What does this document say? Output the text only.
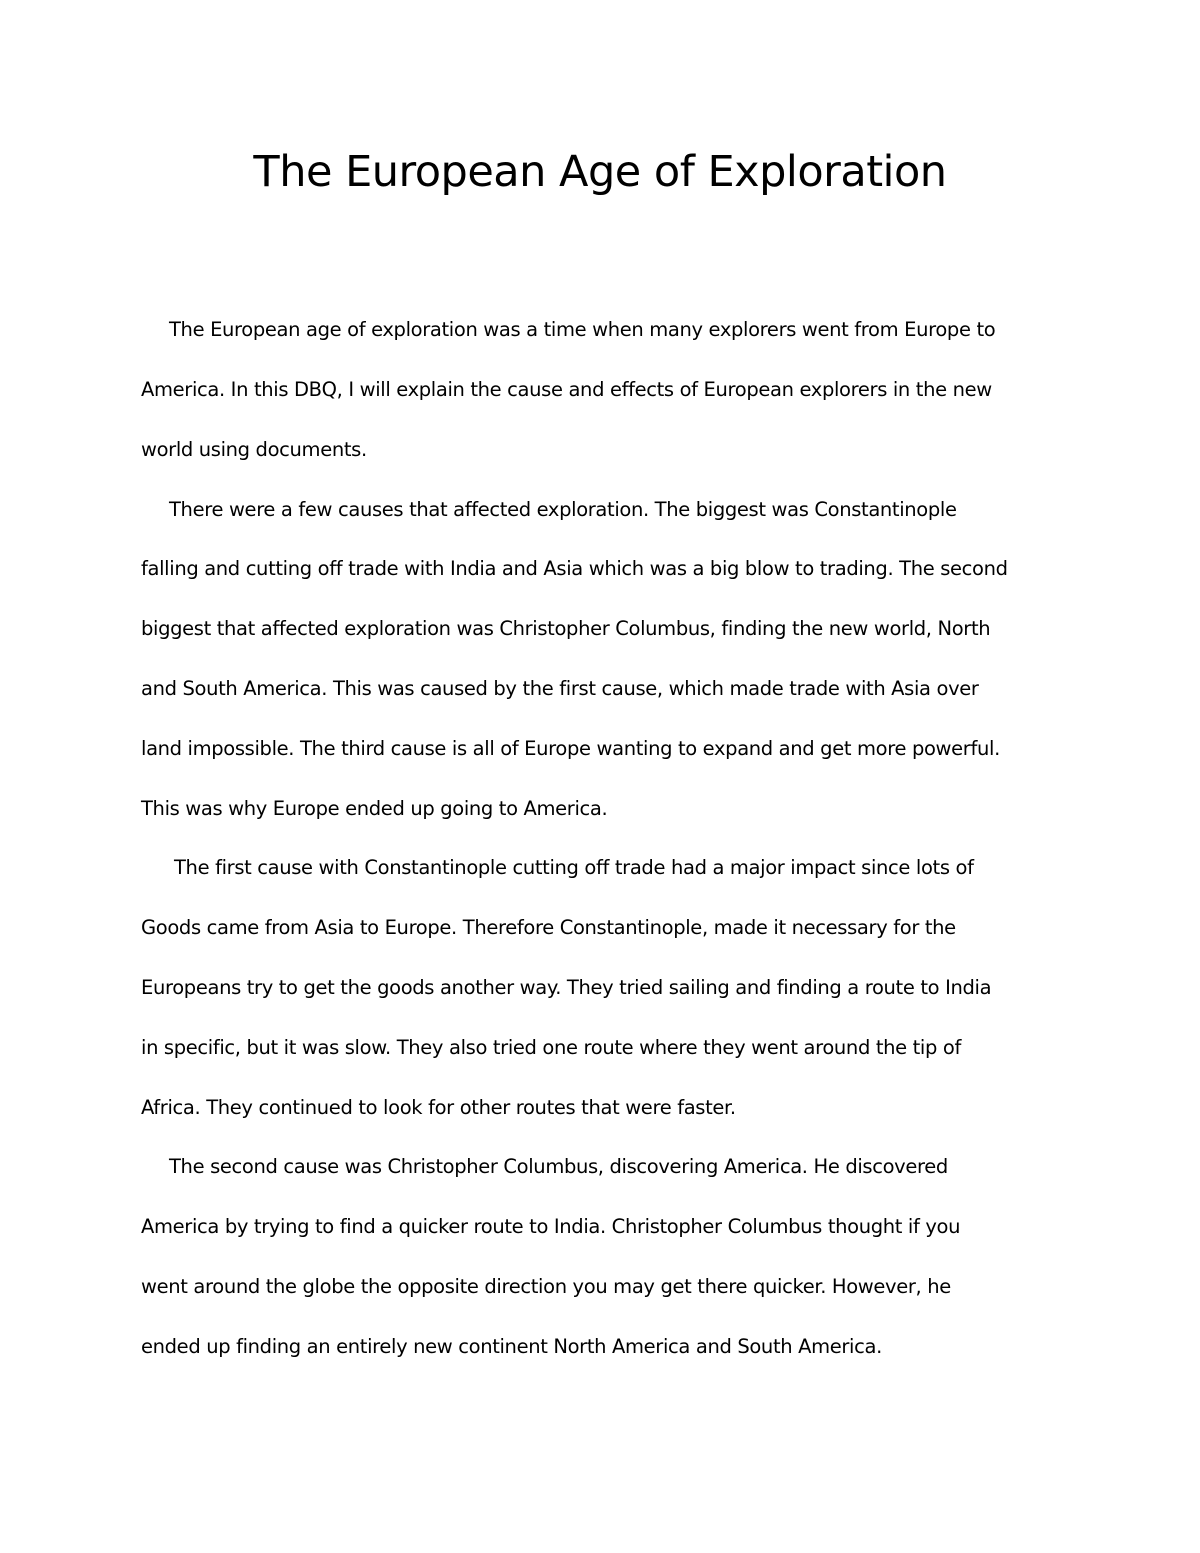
The European Age of Exploration
The European age of exploration was a time when many explorers went from Europe to
America. In this DBQ, I will explain the cause and effects of European explorers in the new
world using documents.
There were a few causes that affected exploration. The biggest was Constantinople
falling and cutting off trade with India and Asia which was a big blow to trading. The second
biggest that affected exploration was Christopher Columbus, finding the new world, North
and South America. This was caused by the first cause, which made trade with Asia over
land impossible. The third cause is all of Europe wanting to expand and get more powerful.
This was why Europe ended up going to America.
The first cause with Constantinople cutting off trade had a major impact since lots of
Goods came from Asia to Europe. Therefore Constantinople, made it necessary for the
Europeans try to get the goods another way. They tried sailing and finding a route to India
in specific, but it was slow. They also tried one route where they went around the tip of
Africa. They continued to look for other routes that were faster.
The second cause was Christopher Columbus, discovering America. He discovered
America by trying to find a quicker route to India. Christopher Columbus thought if you
went around the globe the opposite direction you may get there quicker. However, he
ended up finding an entirely new continent North America and South America.
